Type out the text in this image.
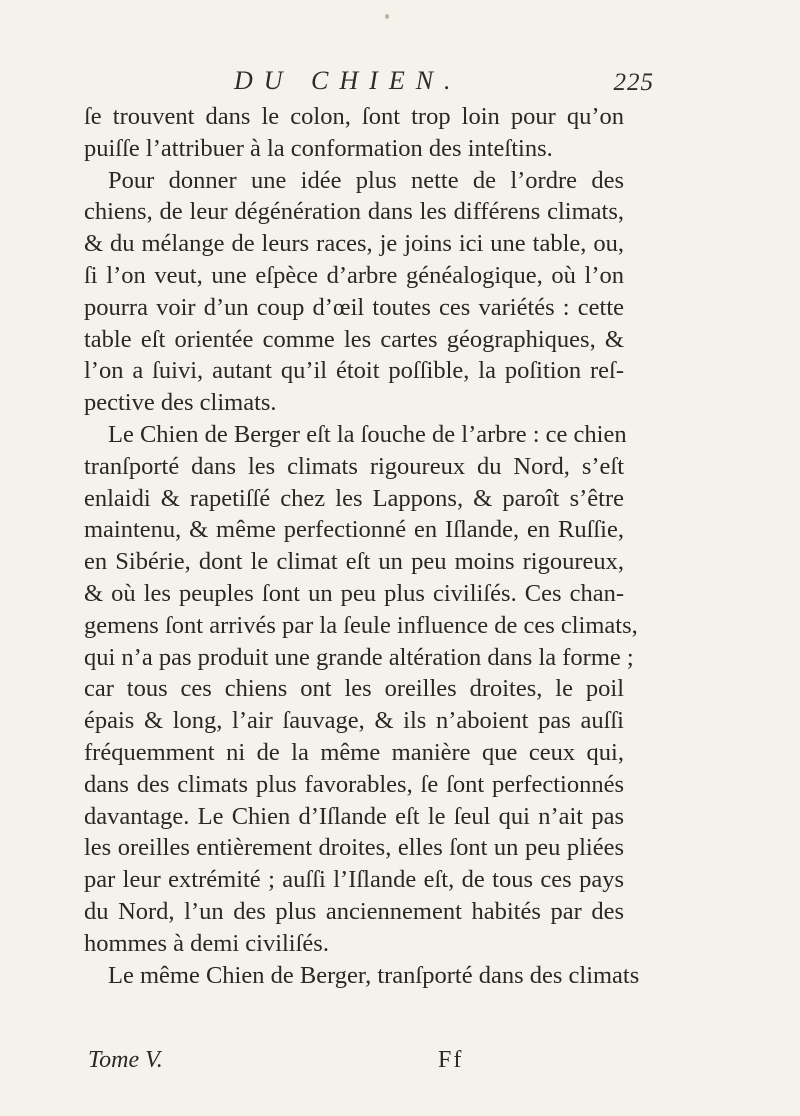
DU CHIEN.	225
ſe trouvent dans le colon, ſont trop loin pour qu’on
puiſſe l’attribuer à la conformation des inteſtins.
Pour donner une idée plus nette de l’ordre des
chiens, de leur dégénération dans les différens climats,
& du mélange de leurs races, je joins ici une table, ou,
ſi l’on veut, une eſpèce d’arbre généalogique, où l’on
pourra voir d’un coup d’œil toutes ces variétés : cette
table eſt orientée comme les cartes géographiques, &
l’on a ſuivi, autant qu’il étoit poſſible, la poſition reſ-
pective des climats.
Le Chien de Berger eſt la ſouche de l’arbre : ce chien
tranſporté dans les climats rigoureux du Nord, s’eſt
enlaidi & rapetiſſé chez les Lappons, & paroît s’être
maintenu, & même perfectionné en Iſlande, en Ruſſie,
en Sibérie, dont le climat eſt un peu moins rigoureux,
& où les peuples ſont un peu plus civiliſés. Ces chan-
gemens ſont arrivés par la ſeule influence de ces climats,
qui n’a pas produit une grande altération dans la forme ;
car tous ces chiens ont les oreilles droites, le poil
épais & long, l’air ſauvage, & ils n’aboient pas auſſi
fréquemment ni de la même manière que ceux qui,
dans des climats plus favorables, ſe ſont perfectionnés
davantage. Le Chien d’Iſlande eſt le ſeul qui n’ait pas
les oreilles entièrement droites, elles ſont un peu pliées
par leur extrémité ; auſſi l’Iſlande eſt, de tous ces pays
du Nord, l’un des plus anciennement habités par des
hommes à demi civiliſés.
Le même Chien de Berger, tranſporté dans des climats
Tome V.	Ff
